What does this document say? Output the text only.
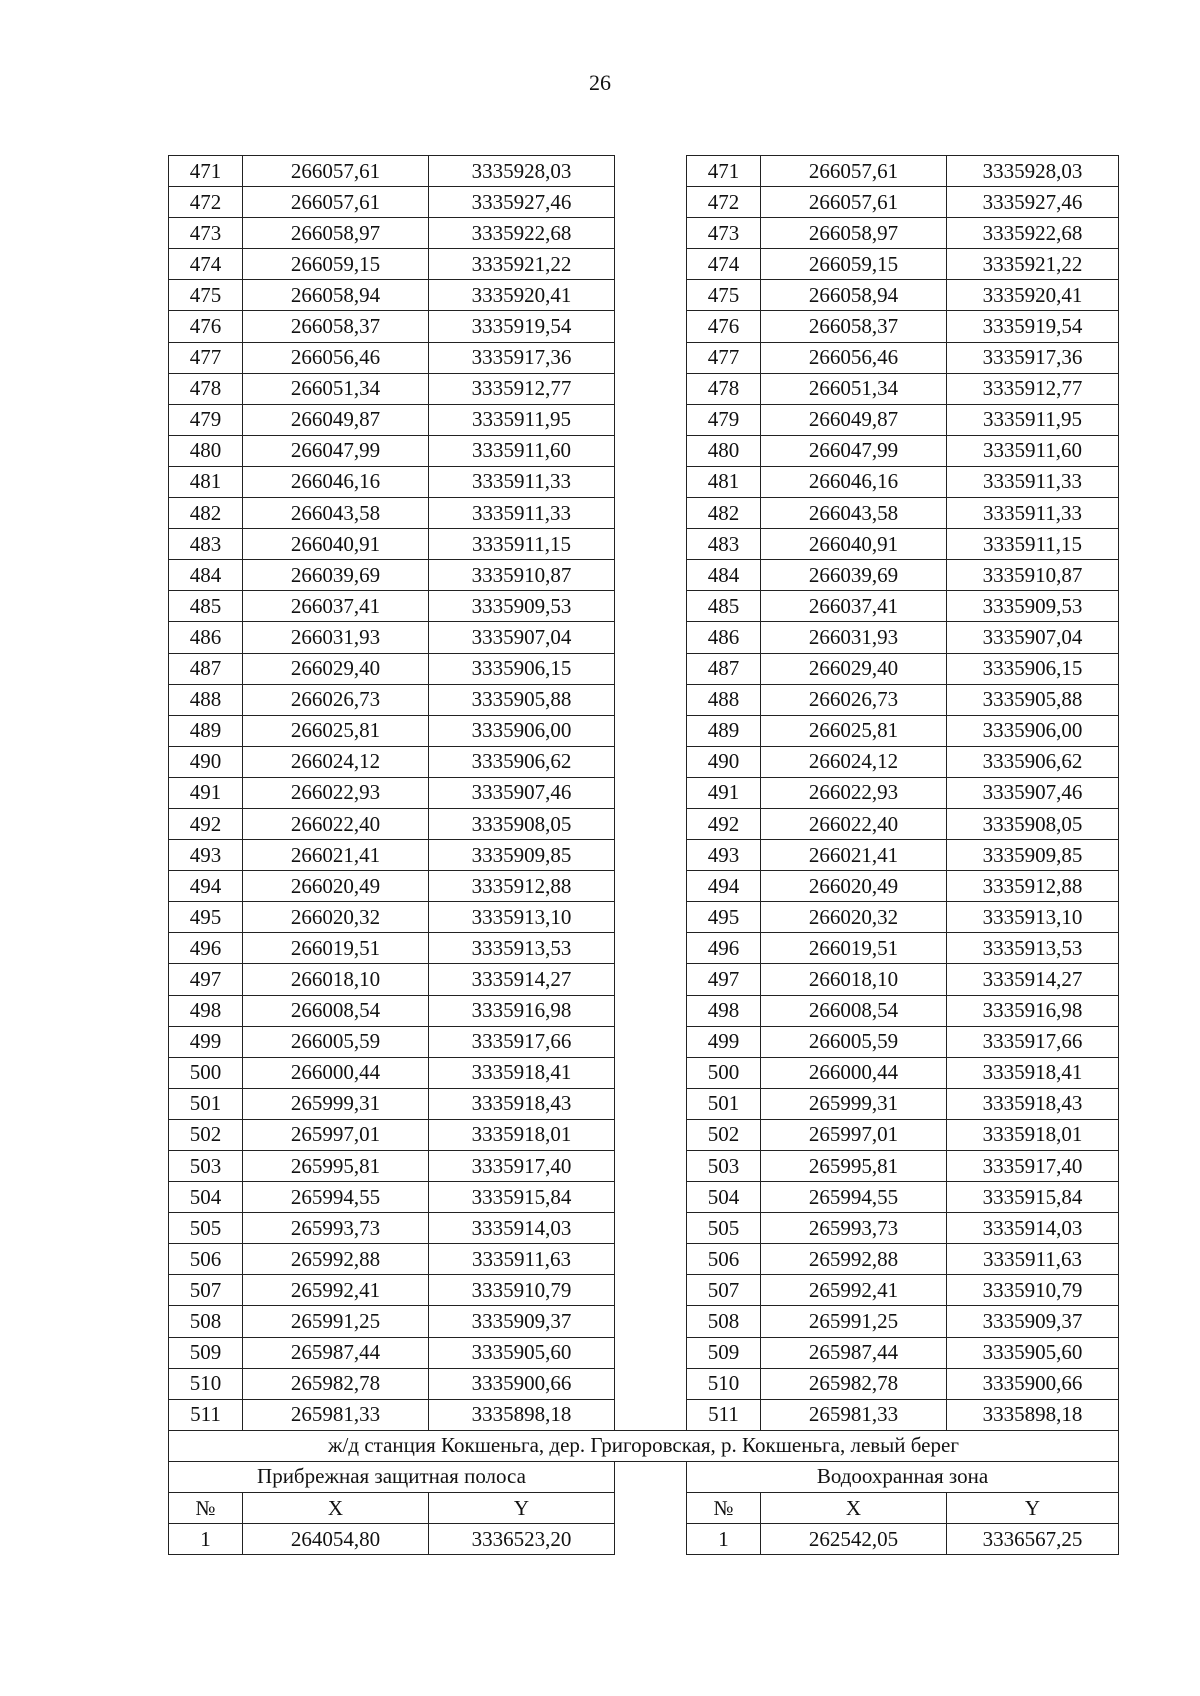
26
471	266057,61	3335928,03		471	266057,61	3335928,03
472	266057,61	3335927,46		472	266057,61	3335927,46
473	266058,97	3335922,68		473	266058,97	3335922,68
474	266059,15	3335921,22		474	266059,15	3335921,22
475	266058,94	3335920,41		475	266058,94	3335920,41
476	266058,37	3335919,54		476	266058,37	3335919,54
477	266056,46	3335917,36		477	266056,46	3335917,36
478	266051,34	3335912,77		478	266051,34	3335912,77
479	266049,87	3335911,95		479	266049,87	3335911,95
480	266047,99	3335911,60		480	266047,99	3335911,60
481	266046,16	3335911,33		481	266046,16	3335911,33
482	266043,58	3335911,33		482	266043,58	3335911,33
483	266040,91	3335911,15		483	266040,91	3335911,15
484	266039,69	3335910,87		484	266039,69	3335910,87
485	266037,41	3335909,53		485	266037,41	3335909,53
486	266031,93	3335907,04		486	266031,93	3335907,04
487	266029,40	3335906,15		487	266029,40	3335906,15
488	266026,73	3335905,88		488	266026,73	3335905,88
489	266025,81	3335906,00		489	266025,81	3335906,00
490	266024,12	3335906,62		490	266024,12	3335906,62
491	266022,93	3335907,46		491	266022,93	3335907,46
492	266022,40	3335908,05		492	266022,40	3335908,05
493	266021,41	3335909,85		493	266021,41	3335909,85
494	266020,49	3335912,88		494	266020,49	3335912,88
495	266020,32	3335913,10		495	266020,32	3335913,10
496	266019,51	3335913,53		496	266019,51	3335913,53
497	266018,10	3335914,27		497	266018,10	3335914,27
498	266008,54	3335916,98		498	266008,54	3335916,98
499	266005,59	3335917,66		499	266005,59	3335917,66
500	266000,44	3335918,41		500	266000,44	3335918,41
501	265999,31	3335918,43		501	265999,31	3335918,43
502	265997,01	3335918,01		502	265997,01	3335918,01
503	265995,81	3335917,40		503	265995,81	3335917,40
504	265994,55	3335915,84		504	265994,55	3335915,84
505	265993,73	3335914,03		505	265993,73	3335914,03
506	265992,88	3335911,63		506	265992,88	3335911,63
507	265992,41	3335910,79		507	265992,41	3335910,79
508	265991,25	3335909,37		508	265991,25	3335909,37
509	265987,44	3335905,60		509	265987,44	3335905,60
510	265982,78	3335900,66		510	265982,78	3335900,66
511	265981,33	3335898,18		511	265981,33	3335898,18
ж/д станция Кокшеньга, дер. Григоровская, р. Кокшеньга, левый берег						
Прибрежная защитная полоса				Водоохранная зона		
№	X	Y		№	X	Y
1	264054,80	3336523,20		1	262542,05	3336567,25
